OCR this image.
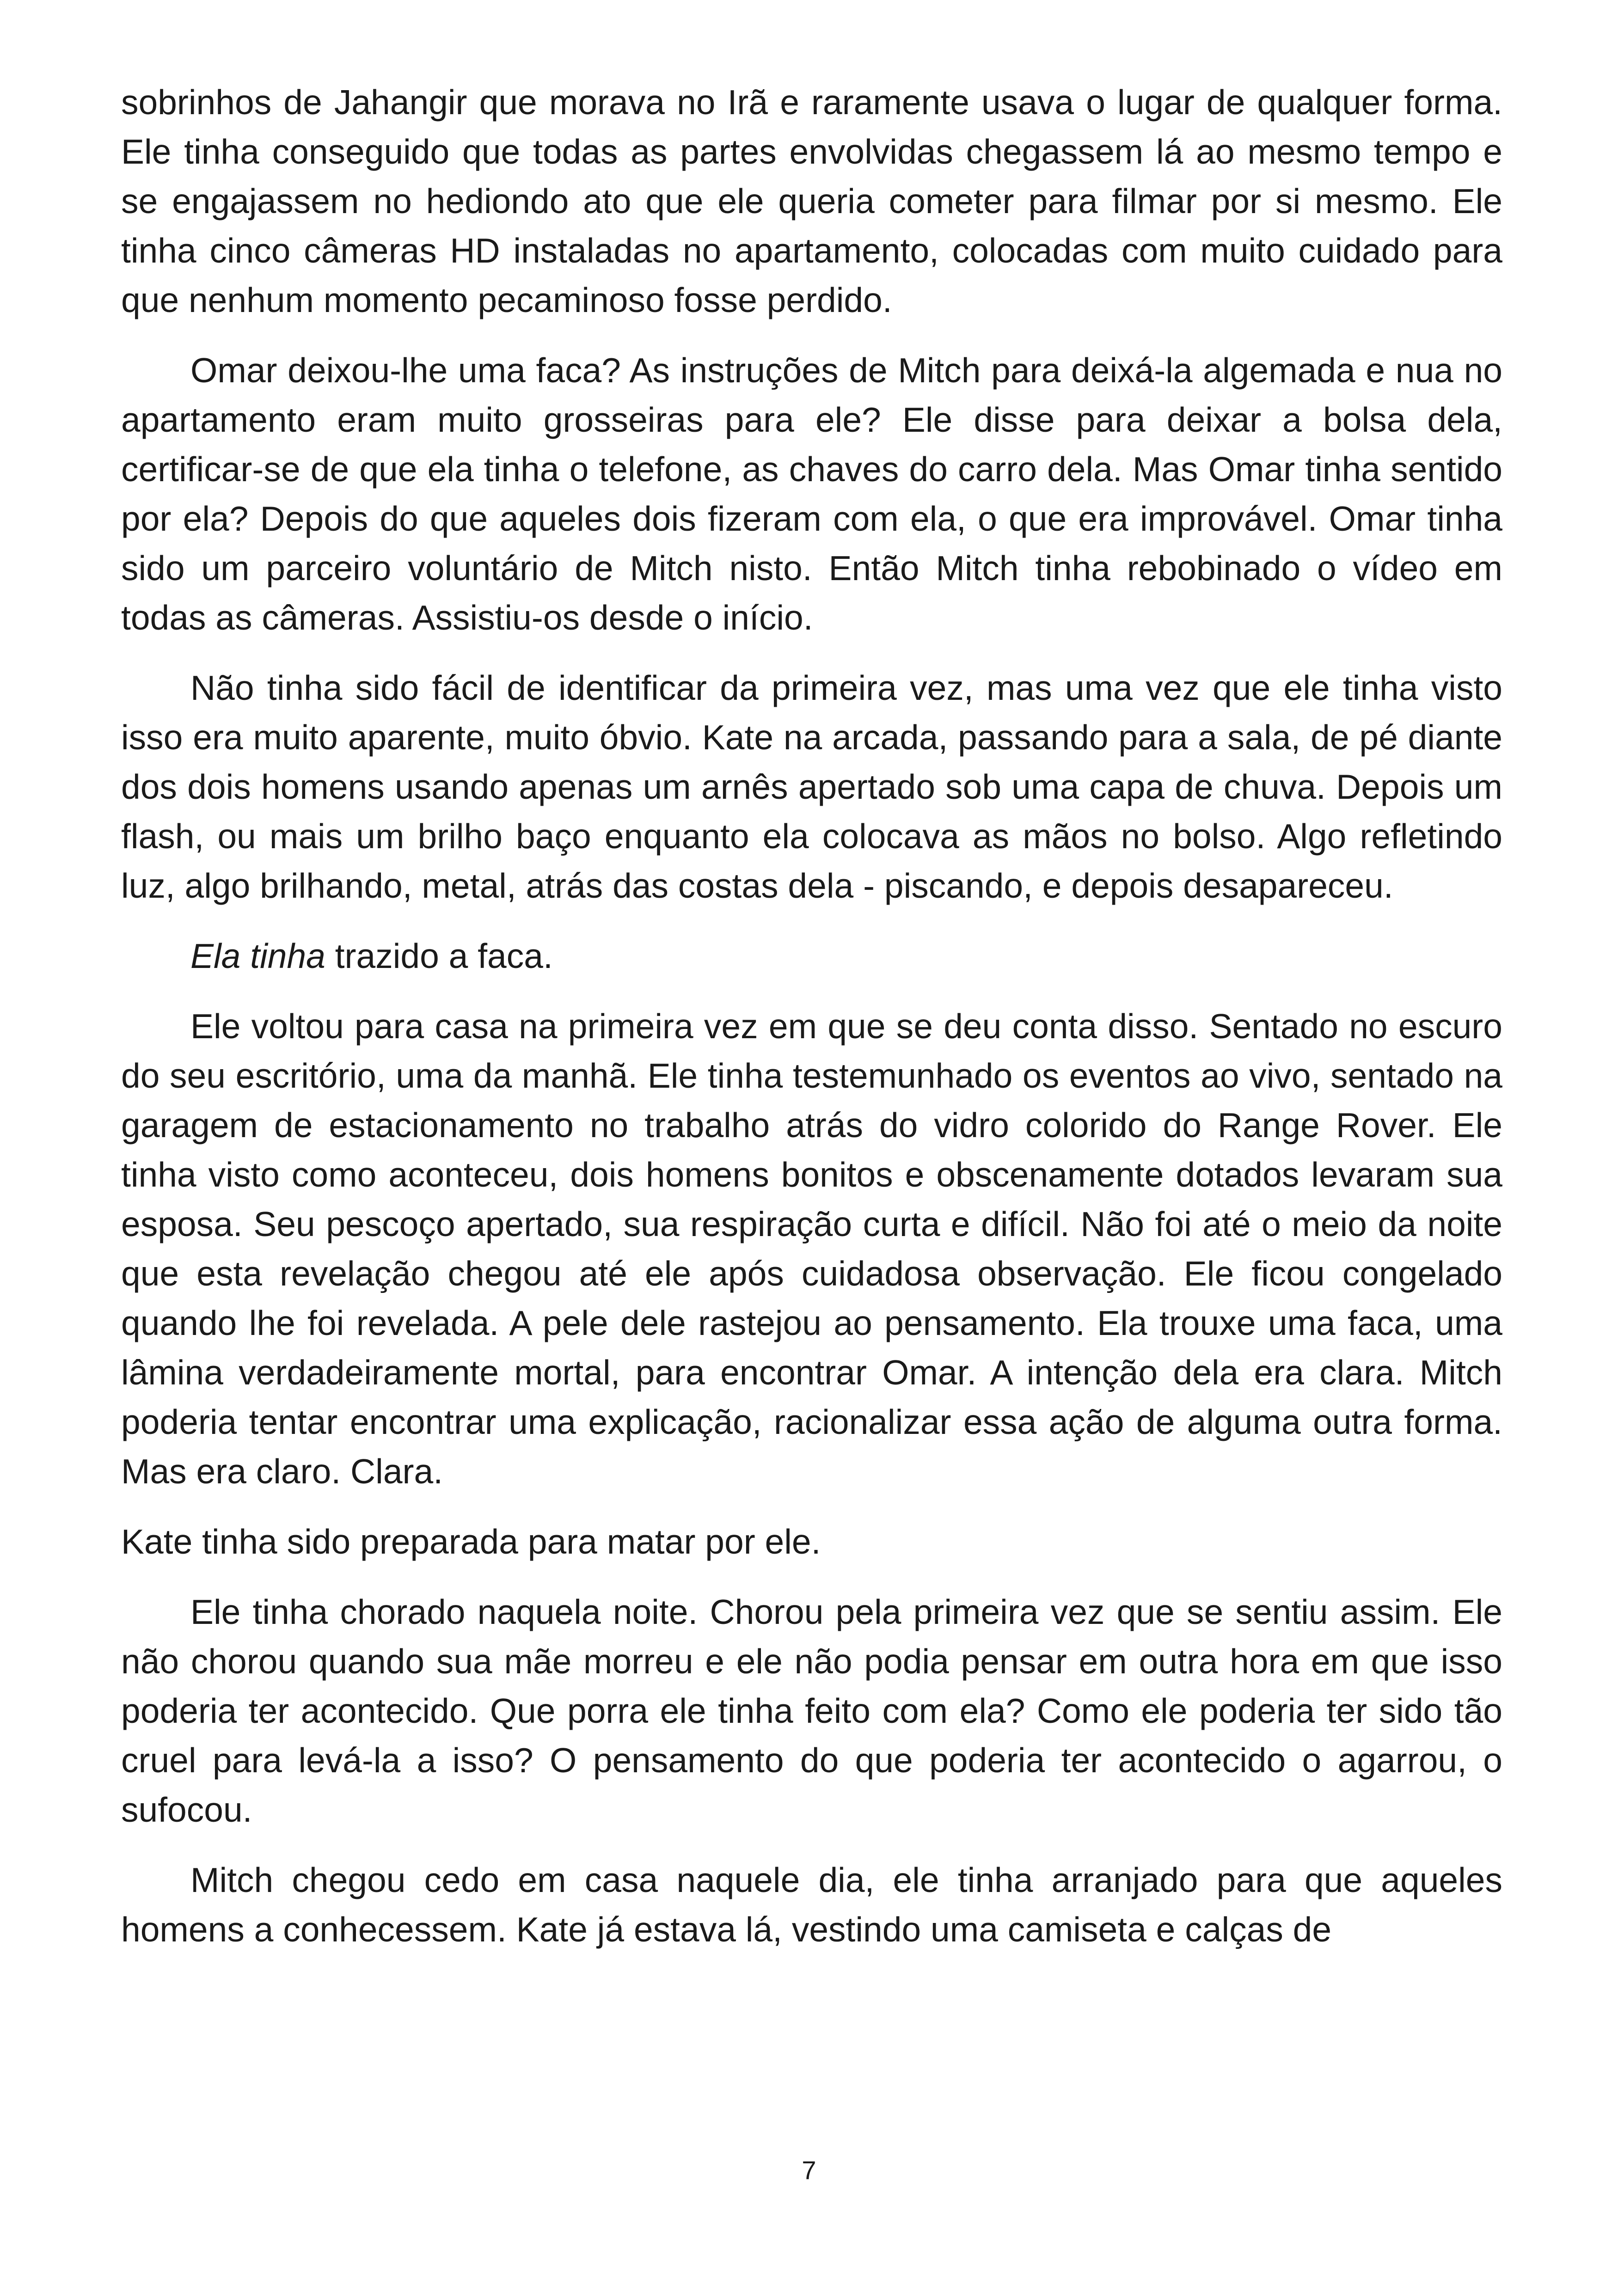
sobrinhos de Jahangir que morava no Irã e raramente usava o lugar de qualquer forma. Ele tinha conseguido que todas as partes envolvidas chegassem lá ao mesmo tempo e se engajassem no hediondo ato que ele queria cometer para filmar por si mesmo. Ele tinha cinco câmeras HD instaladas no apartamento, colocadas com muito cuidado para que nenhum momento pecaminoso fosse perdido.

Omar deixou-lhe uma faca? As instruções de Mitch para deixá-la algemada e nua no apartamento eram muito grosseiras para ele? Ele disse para deixar a bolsa dela, certificar-se de que ela tinha o telefone, as chaves do carro dela. Mas Omar tinha sentido por ela? Depois do que aqueles dois fizeram com ela, o que era improvável. Omar tinha sido um parceiro voluntário de Mitch nisto. Então Mitch tinha rebobinado o vídeo em todas as câmeras. Assistiu-os desde o início.

Não tinha sido fácil de identificar da primeira vez, mas uma vez que ele tinha visto isso era muito aparente, muito óbvio. Kate na arcada, passando para a sala, de pé diante dos dois homens usando apenas um arnês apertado sob uma capa de chuva. Depois um flash, ou mais um brilho baço enquanto ela colocava as mãos no bolso. Algo refletindo luz, algo brilhando, metal, atrás das costas dela - piscando, e depois desapareceu.

Ela tinha trazido a faca.

Ele voltou para casa na primeira vez em que se deu conta disso. Sentado no escuro do seu escritório, uma da manhã. Ele tinha testemunhado os eventos ao vivo, sentado na garagem de estacionamento no trabalho atrás do vidro colorido do Range Rover. Ele tinha visto como aconteceu, dois homens bonitos e obscenamente dotados levaram sua esposa. Seu pescoço apertado, sua respiração curta e difícil. Não foi até o meio da noite que esta revelação chegou até ele após cuidadosa observação. Ele ficou congelado quando lhe foi revelada. A pele dele rastejou ao pensamento. Ela trouxe uma faca, uma lâmina verdadeiramente mortal, para encontrar Omar. A intenção dela era clara. Mitch poderia tentar encontrar uma explicação, racionalizar essa ação de alguma outra forma. Mas era claro. Clara.

Kate tinha sido preparada para matar por ele.

Ele tinha chorado naquela noite. Chorou pela primeira vez que se sentiu assim. Ele não chorou quando sua mãe morreu e ele não podia pensar em outra hora em que isso poderia ter acontecido. Que porra ele tinha feito com ela? Como ele poderia ter sido tão cruel para levá-la a isso? O pensamento do que poderia ter acontecido o agarrou, o sufocou.

Mitch chegou cedo em casa naquele dia, ele tinha arranjado para que aqueles homens a conhecessem. Kate já estava lá, vestindo uma camiseta e calças de

7
